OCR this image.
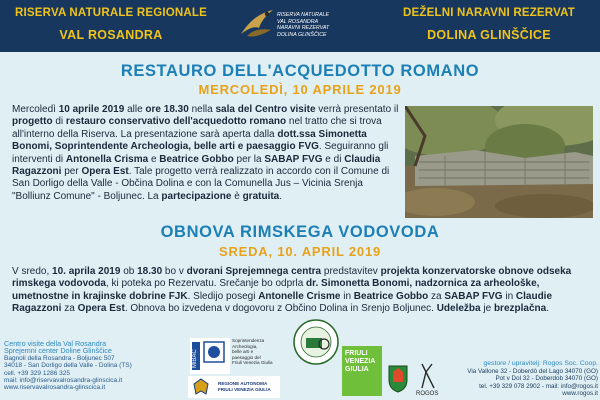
RISERVA NATURALE REGIONALE
VAL ROSANDRA
RISERVA NATURALE
VAL ROSANDRA
NARAVNI REZERVAT
DOLINA GLINŠČICE
DEŽELNI NARAVNI REZERVAT
DOLINA GLINŠČICE
RESTAURO DELL'ACQUEDOTTO ROMANO
MERCOLEDÌ, 10 APRILE 2019
Mercoledì 10 aprile 2019 alle ore 18.30 nella sala del Centro visite verrà presentato il progetto di restauro conservativo dell'acquedotto romano nel tratto che si trova all'interno della Riserva. La presentazione sarà aperta dalla dott.ssa Simonetta Bonomi, Soprintendente Archeologia, belle arti e paesaggio FVG. Seguiranno gli interventi di Antonella Crisma e Beatrice Gobbo per la SABAP FVG e di Claudia Ragazzoni per Opera Est. Tale progetto verrà realizzato in accordo con il Comune di San Dorligo della Valle - Občina Dolina e con la Comunella Jus – Vicinia Srenja "Bolliunz Comune" - Boljunec. La partecipazione è gratuita.
OBNOVA RIMSKEGA VODOVODA
SREDA, 10. APRIL 2019
V sredo, 10. aprila 2019 ob 18.30 bo v dvorani Sprejemnega centra predstavitev projekta konzervatorske obnove odseka rimskega vodovoda, ki poteka po Rezervatu. Srečanje bo odprla dr. Simonetta Bonomi, nadzornica za arheološke, umetnostne in krajinske dobrine FJK. Sledijo posegi Antonelle Crisme in Beatrice Gobbo za SABAP FVG in Claudie Ragazzoni za Opera Est. Obnova bo izvedena v dogovoru z Občino Dolina in Srenjo Boljunec. Udeležba je brezplačna.
Centro visite della Val Rosandra
Sprejemni center Doline Glinščice
Bagnoli della Rosandra - Boljunec 507
34018 - San Dorligo della Valle - Dolina (TS)
cell. +39 329 1286 325
mail: info@riservavalrosandra-glinscica.it
www.riservavalrosandra-glinscica.it
MiBAC
Soprintendenza
Archeologia,
belle arti e
paesaggio del
Friuli Venezia Giulia
REGIONE AUTONOMA
FRIULI VENEZIA GIULIA
FRIULI
VENEZIA
GIULIA
ROGOS
gestore / upravitelj: Rogos Soc. Coop.
Via Vallone 32 - Doberdò del Lago 34070 (GO)
Pot v Dol 32 - Doberdob 34070 (GO)
tel. +39 329 078 2902 - mail: info@rogos.it
www.rogos.it
